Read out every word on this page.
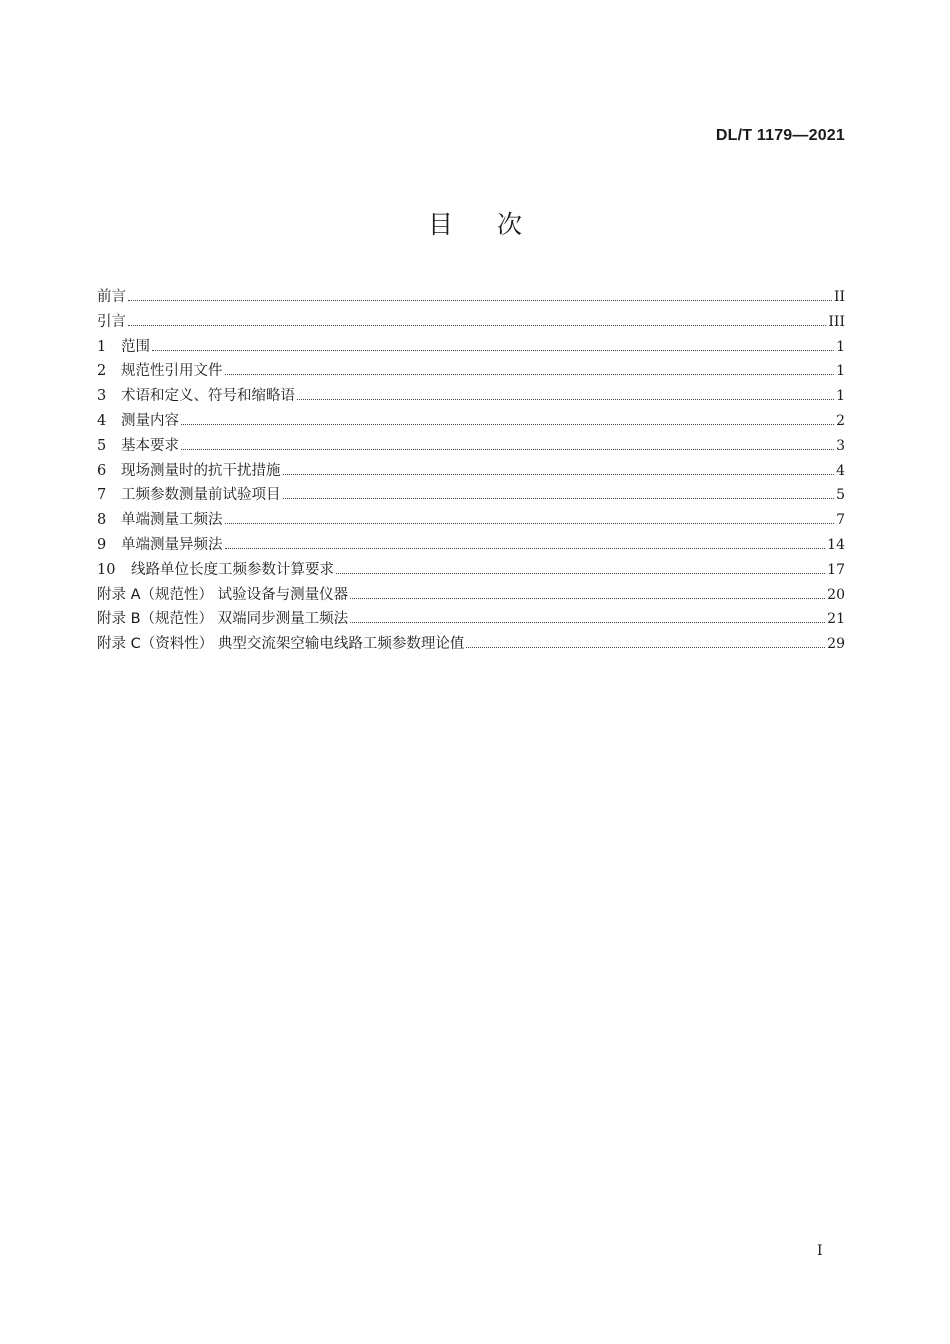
DL/T 1179—2021
目次
前言	II
引言	III
1 范围	1
2 规范性引用文件	1
3 术语和定义、符号和缩略语	1
4 测量内容	2
5 基本要求	3
6 现场测量时的抗干扰措施	4
7 工频参数测量前试验项目	5
8 单端测量工频法	7
9 单端测量异频法	14
10 线路单位长度工频参数计算要求	17
附录 A（规范性） 试验设备与测量仪器	20
附录 B（规范性） 双端同步测量工频法	21
附录 C（资料性） 典型交流架空输电线路工频参数理论值	29
I
